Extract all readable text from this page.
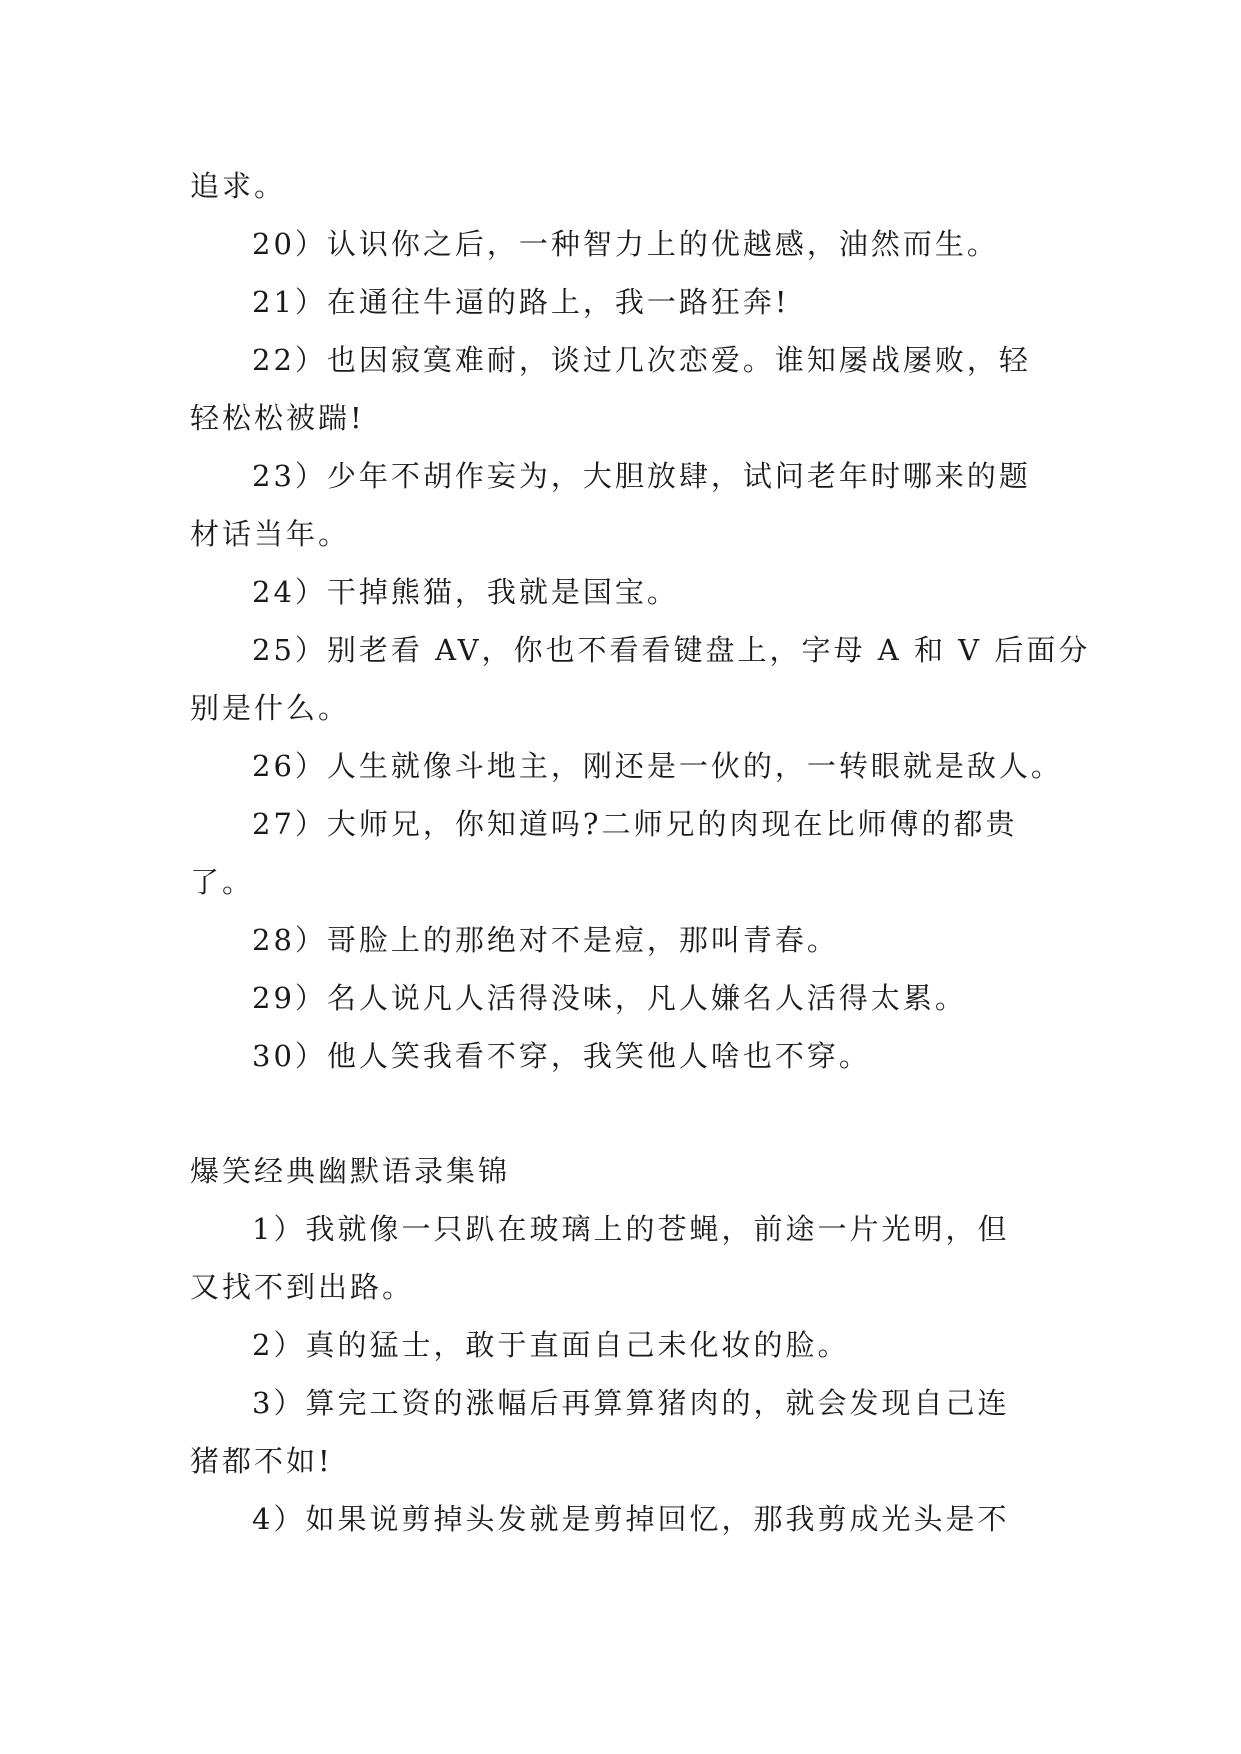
追求。
20）认识你之后，一种智力上的优越感，油然而生。
21）在通往牛逼的路上，我一路狂奔!
22）也因寂寞难耐，谈过几次恋爱。谁知屡战屡败，轻
轻松松被踹!
23）少年不胡作妄为，大胆放肆，试问老年时哪来的题
材话当年。
24）干掉熊猫，我就是国宝。
25）别老看 AV，你也不看看键盘上，字母 A 和 V 后面分
别是什么。
26）人生就像斗地主，刚还是一伙的，一转眼就是敌人。
27）大师兄，你知道吗?二师兄的肉现在比师傅的都贵
了。
28）哥脸上的那绝对不是痘，那叫青春。
29）名人说凡人活得没味，凡人嫌名人活得太累。
30）他人笑我看不穿，我笑他人啥也不穿。
爆笑经典幽默语录集锦
1）我就像一只趴在玻璃上的苍蝇，前途一片光明，但
又找不到出路。
2）真的猛士，敢于直面自己未化妆的脸。
3）算完工资的涨幅后再算算猪肉的，就会发现自己连
猪都不如!
4）如果说剪掉头发就是剪掉回忆，那我剪成光头是不
